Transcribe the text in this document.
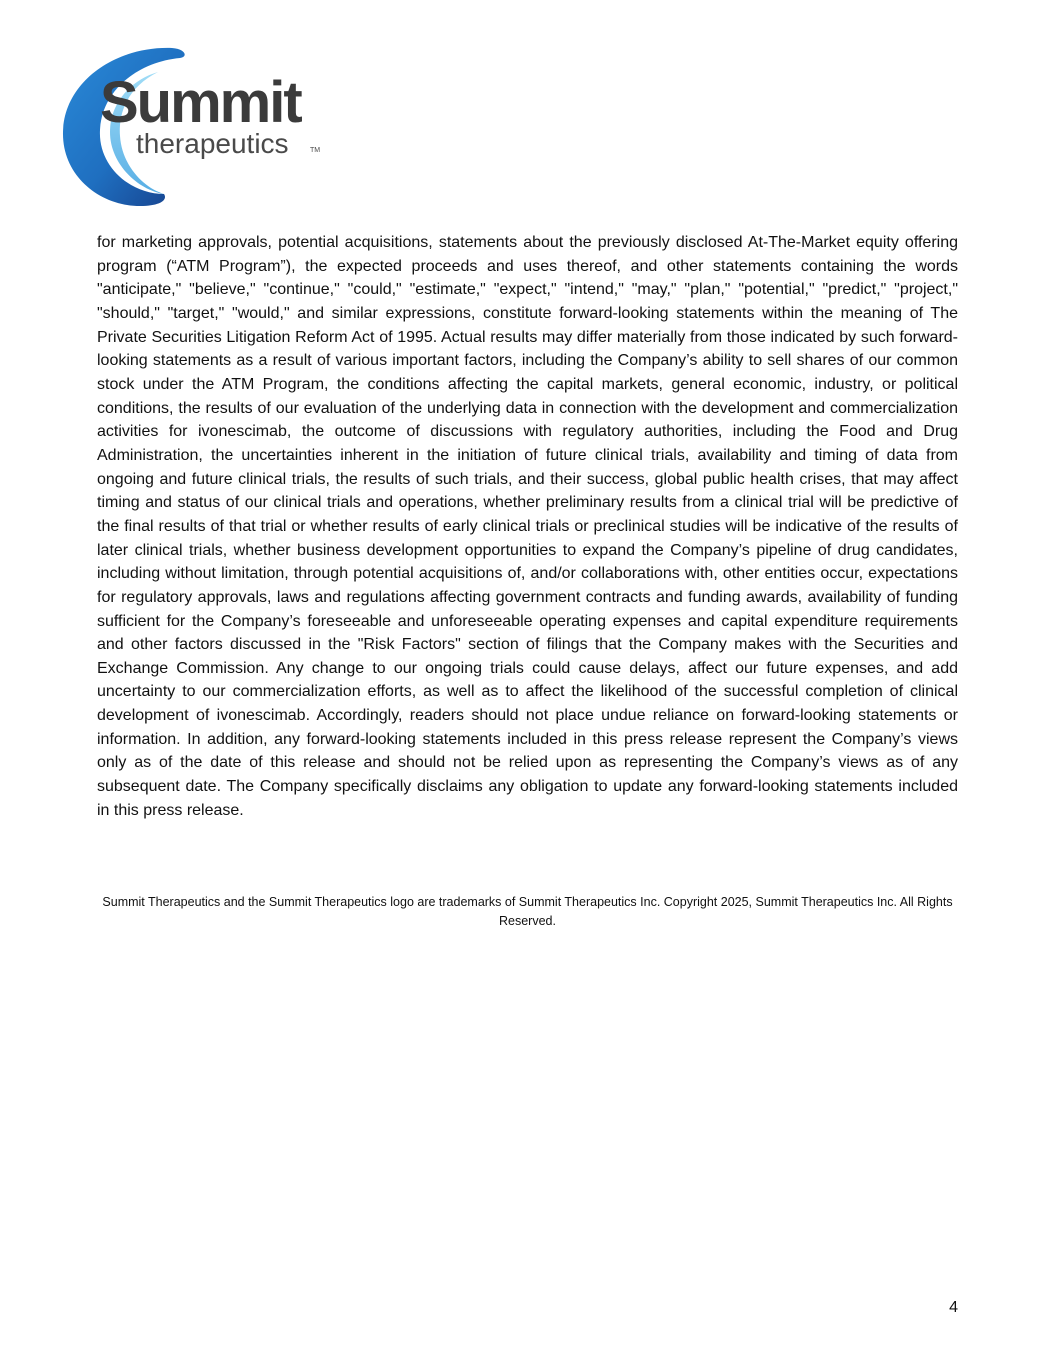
Summit
therapeutics	TM

for marketing approvals, potential acquisitions, statements about the previously disclosed At-The-Market equity offering program (“ATM Program”), the expected proceeds and uses thereof, and other statements containing the words "anticipate," "believe," "continue," "could," "estimate," "expect," "intend," "may," "plan," "potential," "predict," "project," "should," "target," "would," and similar expressions, constitute forward-looking statements within the meaning of The Private Securities Litigation Reform Act of 1995. Actual results may differ materially from those indicated by such forward-looking statements as a result of various important factors, including the Company’s ability to sell shares of our common stock under the ATM Program, the conditions affecting the capital markets, general economic, industry, or political conditions, the results of our evaluation of the underlying data in connection with the development and commercialization activities for ivonescimab, the outcome of discussions with regulatory authorities, including the Food and Drug Administration, the uncertainties inherent in the initiation of future clinical trials, availability and timing of data from ongoing and future clinical trials, the results of such trials, and their success, global public health crises, that may affect timing and status of our clinical trials and operations, whether preliminary results from a clinical trial will be predictive of the final results of that trial or whether results of early clinical trials or preclinical studies will be indicative of the results of later clinical trials, whether business development opportunities to expand the Company’s pipeline of drug candidates, including without limitation, through potential acquisitions of, and/or collaborations with, other entities occur, expectations for regulatory approvals, laws and regulations affecting government contracts and funding awards, availability of funding sufficient for the Company’s foreseeable and unforeseeable operating expenses and capital expenditure requirements and other factors discussed in the "Risk Factors" section of filings that the Company makes with the Securities and Exchange Commission. Any change to our ongoing trials could cause delays, affect our future expenses, and add uncertainty to our commercialization efforts, as well as to affect the likelihood of the successful completion of clinical development of ivonescimab. Accordingly, readers should not place undue reliance on forward-looking statements or information. In addition, any forward-looking statements included in this press release represent the Company’s views only as of the date of this release and should not be relied upon as representing the Company’s views as of any subsequent date. The Company specifically disclaims any obligation to update any forward-looking statements included in this press release.

Summit Therapeutics and the Summit Therapeutics logo are trademarks of Summit Therapeutics Inc. Copyright 2025, Summit Therapeutics Inc. All Rights Reserved.

4
